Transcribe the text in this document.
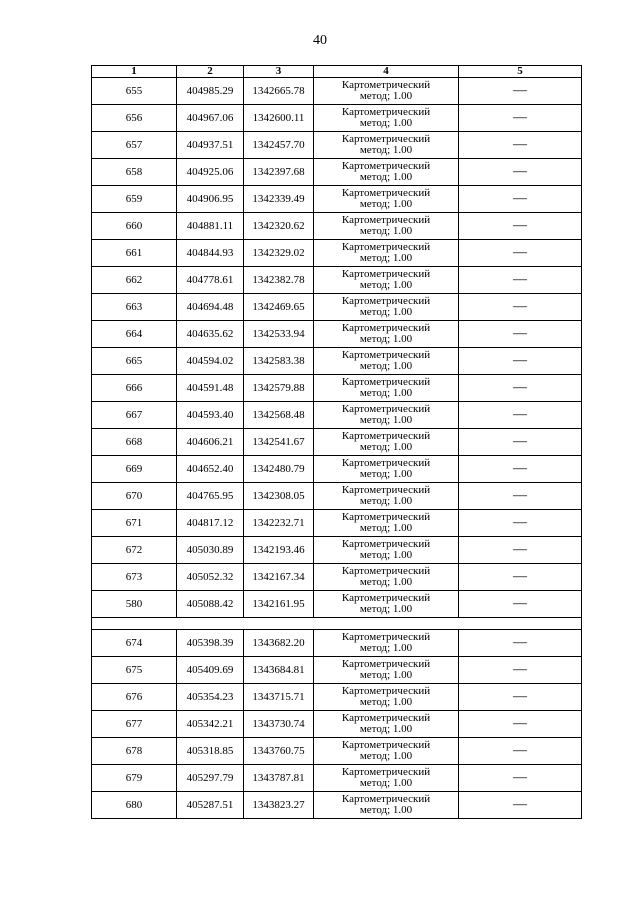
40
1	2	3	4	5
655	404985.29	1342665.78	Картометрический
метод; 1.00	—
656	404967.06	1342600.11	Картометрический
метод; 1.00	—
657	404937.51	1342457.70	Картометрический
метод; 1.00	—
658	404925.06	1342397.68	Картометрический
метод; 1.00	—
659	404906.95	1342339.49	Картометрический
метод; 1.00	—
660	404881.11	1342320.62	Картометрический
метод; 1.00	—
661	404844.93	1342329.02	Картометрический
метод; 1.00	—
662	404778.61	1342382.78	Картометрический
метод; 1.00	—
663	404694.48	1342469.65	Картометрический
метод; 1.00	—
664	404635.62	1342533.94	Картометрический
метод; 1.00	—
665	404594.02	1342583.38	Картометрический
метод; 1.00	—
666	404591.48	1342579.88	Картометрический
метод; 1.00	—
667	404593.40	1342568.48	Картометрический
метод; 1.00	—
668	404606.21	1342541.67	Картометрический
метод; 1.00	—
669	404652.40	1342480.79	Картометрический
метод; 1.00	—
670	404765.95	1342308.05	Картометрический
метод; 1.00	—
671	404817.12	1342232.71	Картометрический
метод; 1.00	—
672	405030.89	1342193.46	Картометрический
метод; 1.00	—
673	405052.32	1342167.34	Картометрический
метод; 1.00	—
580	405088.42	1342161.95	Картометрический
метод; 1.00	—

674	405398.39	1343682.20	Картометрический
метод; 1.00	—
675	405409.69	1343684.81	Картометрический
метод; 1.00	—
676	405354.23	1343715.71	Картометрический
метод; 1.00	—
677	405342.21	1343730.74	Картометрический
метод; 1.00	—
678	405318.85	1343760.75	Картометрический
метод; 1.00	—
679	405297.79	1343787.81	Картометрический
метод; 1.00	—
680	405287.51	1343823.27	Картометрический
метод; 1.00	—
